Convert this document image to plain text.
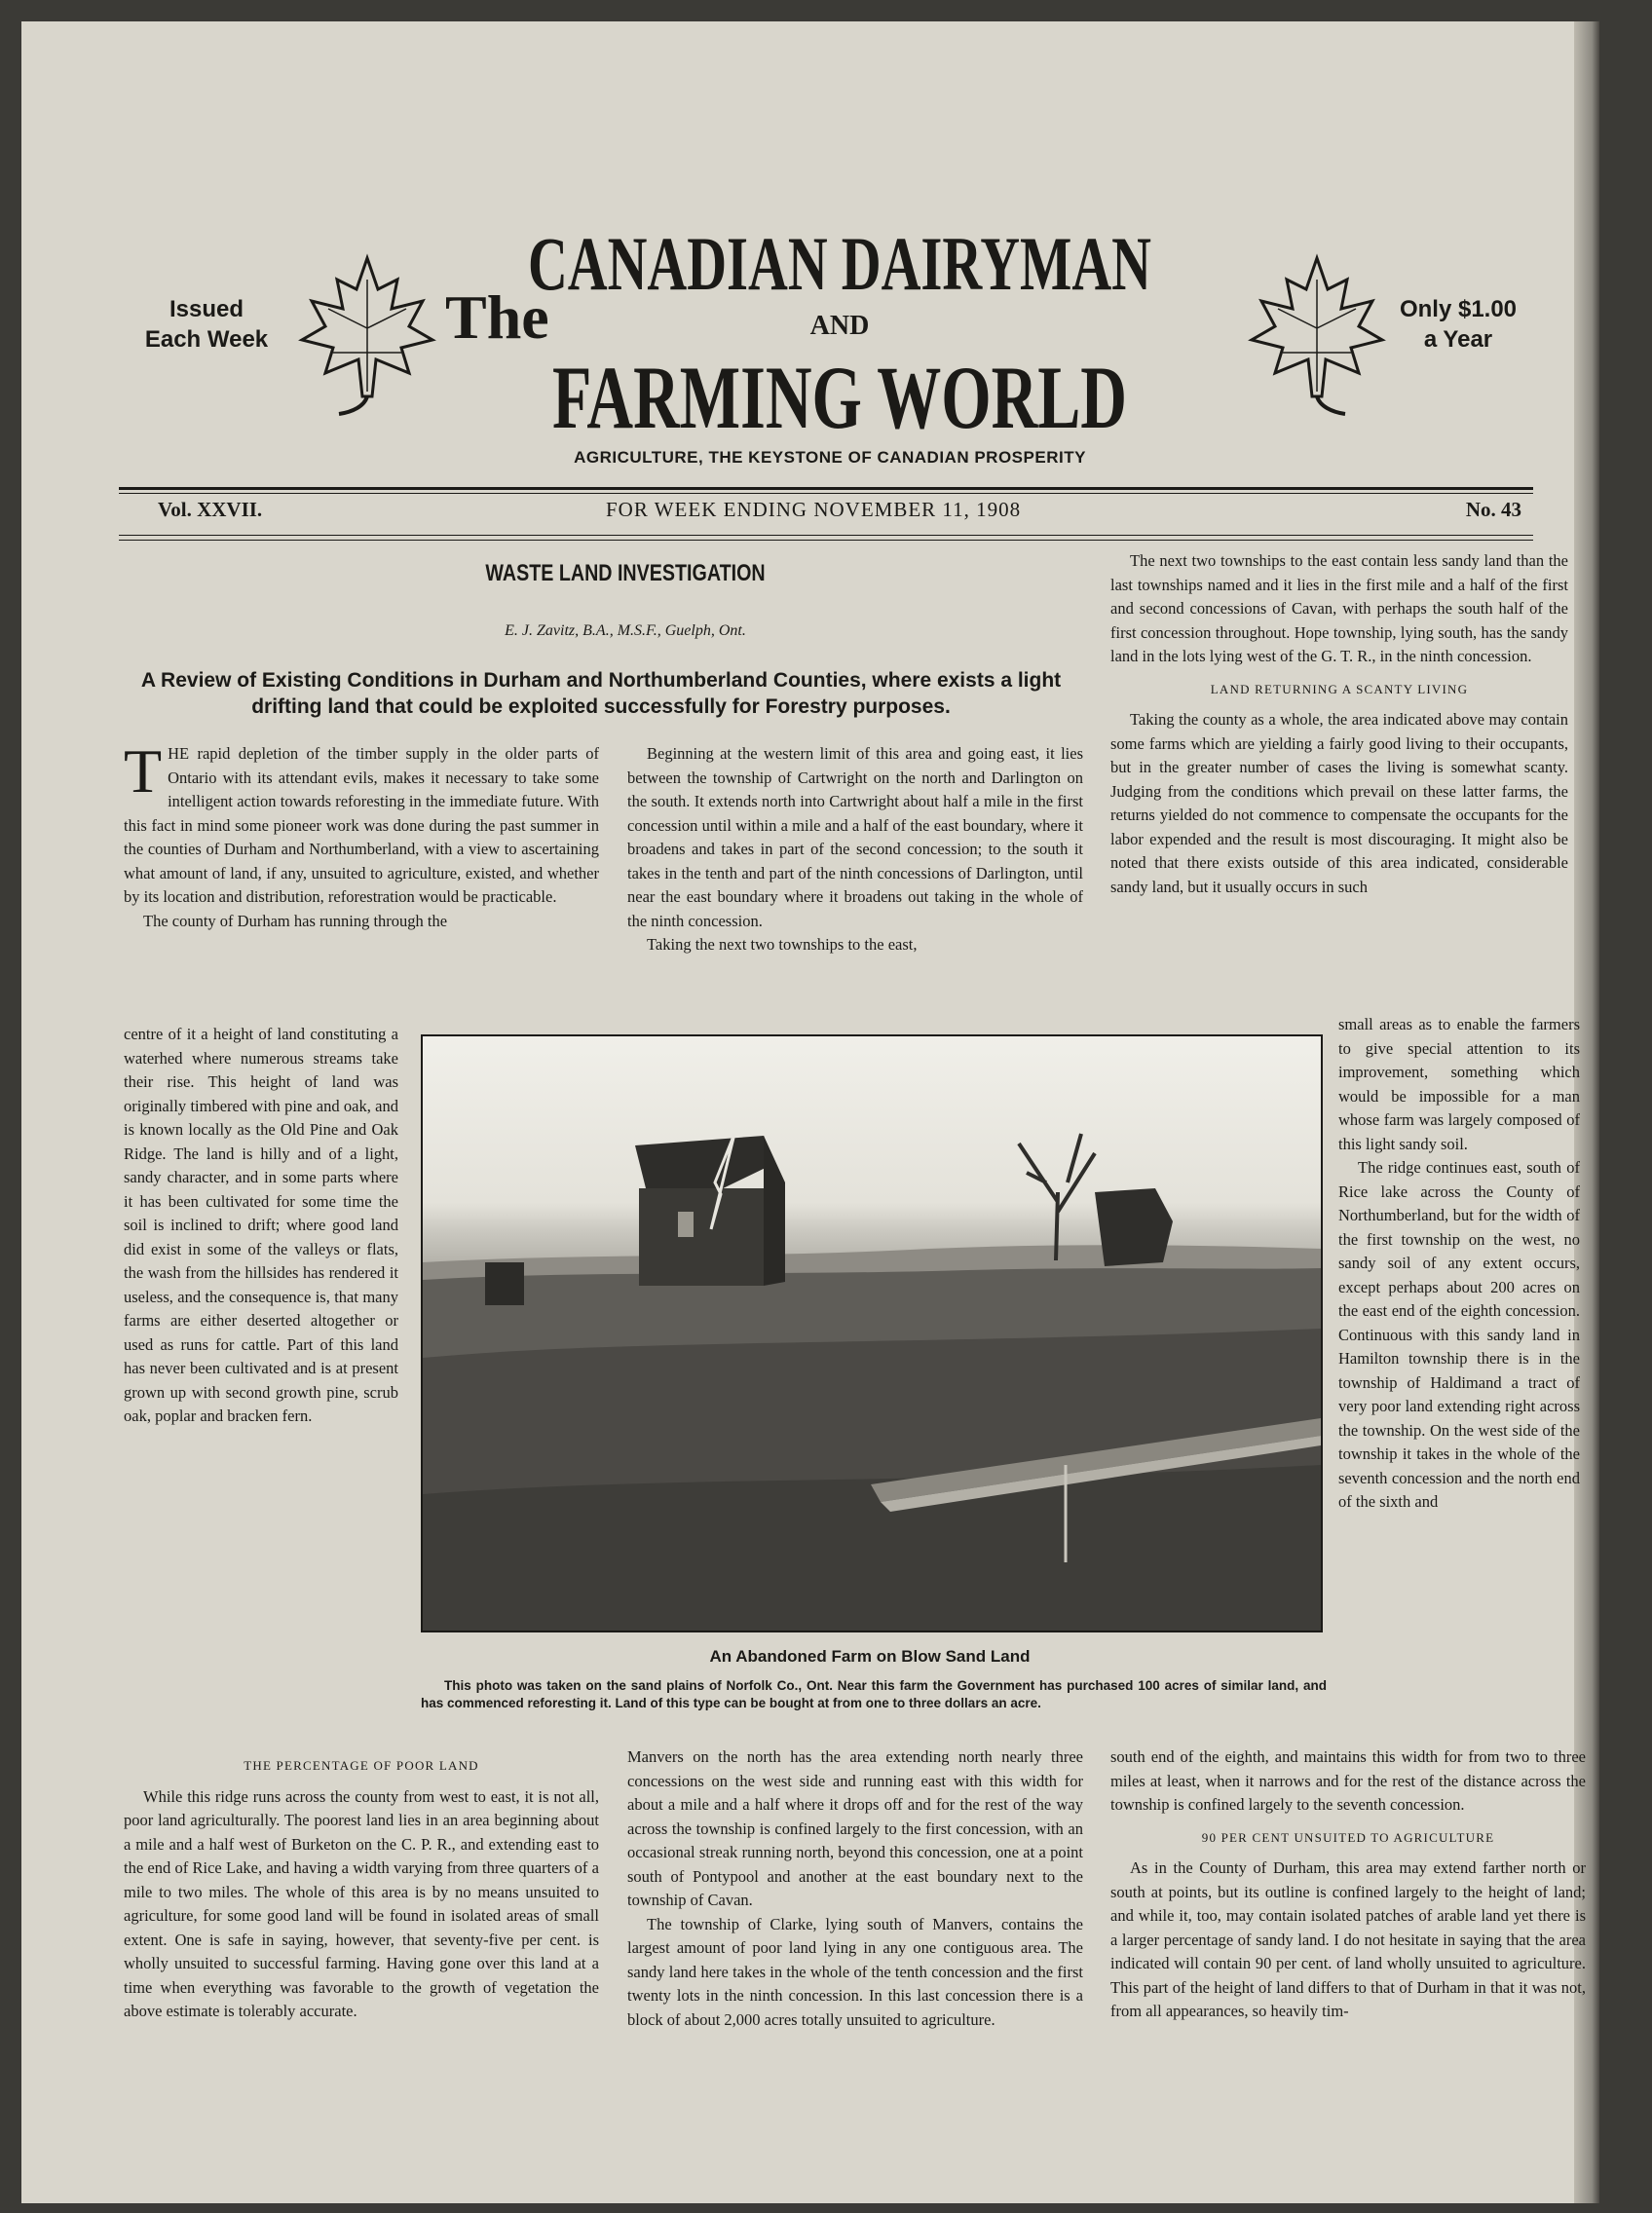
Issued
Each Week	The
CANADIAN DAIRYMAN
AND
FARMING WORLD
Only $1.00
a Year
AGRICULTURE, THE KEYSTONE OF CANADIAN PROSPERITY
Vol. XXVII.	FOR WEEK ENDING NOVEMBER 11, 1908	No. 43
WASTE LAND INVESTIGATION
E. J. Zavitz, B.A., M.S.F., Guelph, Ont.
A Review of Existing Conditions in Durham and Northumberland Counties, where exists a light drifting land that could be exploited successfully for Forestry purposes.

THE rapid depletion of the timber supply in the older parts of Ontario with its attendant evils, makes it necessary to take some intelligent action towards reforesting in the immediate future. With this fact in mind some pioneer work was done during the past summer in the counties of Durham and Northumberland, with a view to ascertaining what amount of land, if any, unsuited to agriculture, existed, and whether by its location and distribution, reforestration would be practicable.

The county of Durham has running through the

centre of it a height of land constituting a waterhed where numerous streams take their rise. This height of land was originally timbered with pine and oak, and is known locally as the Old Pine and Oak Ridge. The land is hilly and of a light, sandy character, and in some parts where it has been cultivated for some time the soil is inclined to drift; where good land did exist in some of the valleys or flats, the wash from the hillsides has rendered it useless, and the consequence is, that many farms are either deserted altogether or used as runs for cattle. Part of this land has never been cultivated and is at present grown up with second growth pine, scrub oak, poplar and bracken fern.

THE PERCENTAGE OF POOR LAND

While this ridge runs across the county from west to east, it is not all, poor land agriculturally. The poorest land lies in an area beginning about a mile and a half west of Burketon on the C. P. R., and extending east to the end of Rice Lake, and having a width varying from three quarters of a mile to two miles. The whole of this area is by no means unsuited to agriculture, for some good land will be found in isolated areas of small extent. One is safe in saying, however, that seventy-five per cent. is wholly unsuited to successful farming. Having gone over this land at a time when everything was favorable to the growth of vegetation the above estimate is tolerably accurate.

Beginning at the western limit of this area and going east, it lies between the township of Cartwright on the north and Darlington on the south. It extends north into Cartwright about half a mile in the first concession until within a mile and a half of the east boundary, where it broadens and takes in part of the second concession; to the south it takes in the tenth and part of the ninth concessions of Darlington, until near the east boundary where it broadens out taking in the whole of the ninth concession.

Taking the next two townships to the east,

Manvers on the north has the area extending north nearly three concessions on the west side and running east with this width for about a mile and a half where it drops off and for the rest of the way across the township is confined largely to the first concession, with an occasional streak running north, beyond this concession, one at a point south of Pontypool and another at the east boundary next to the township of Cavan.

The township of Clarke, lying south of Manvers, contains the largest amount of poor land lying in any one contiguous area. The sandy land here takes in the whole of the tenth concession and the first twenty lots in the ninth concession. In this last concession there is a block of about 2,000 acres totally unsuited to agriculture.

The next two townships to the east contain less sandy land than the last townships named and it lies in the first mile and a half of the first and second concessions of Cavan, with perhaps the south half of the first concession throughout. Hope township, lying south, has the sandy land in the lots lying west of the G. T. R., in the ninth concession.

LAND RETURNING A SCANTY LIVING

Taking the county as a whole, the area indicated above may contain some farms which are yielding a fairly good living to their occupants, but in the greater number of cases the living is somewhat scanty. Judging from the conditions which prevail on these latter farms, the returns yielded do not commence to compensate the occupants for the labor expended and the result is most discouraging. It might also be noted that there exists outside of this area indicated, considerable sandy land, but it usually occurs in such

small areas as to enable the farmers to give special attention to its improvement, something which would be impossible for a man whose farm was largely composed of this light sandy soil.

The ridge continues east, south of Rice lake across the County of Northumberland, but for the width of the first township on the west, no sandy soil of any extent occurs, except perhaps about 200 acres on the east end of the eighth concession. Continuous with this sandy land in Hamilton township there is in the township of Haldimand a tract of very poor land extending right across the township. On the west side of the township it takes in the whole of the seventh concession and the north end of the sixth and

south end of the eighth, and maintains this width for from two to three miles at least, when it narrows and for the rest of the distance across the township is confined largely to the seventh concession.

90 PER CENT UNSUITED TO AGRICULTURE

As in the County of Durham, this area may extend farther north or south at points, but its outline is confined largely to the height of land; and while it, too, may contain isolated patches of arable land yet there is a larger percentage of sandy land. I do not hesitate in saying that the area indicated will contain 90 per cent. of land wholly unsuited to agriculture. This part of the height of land differs to that of Durham in that it was not, from all appearances, so heavily tim-

An Abandoned Farm on Blow Sand Land
This photo was taken on the sand plains of Norfolk Co., Ont. Near this farm the Government has purchased 100 acres of similar land, and has commenced reforesting it. Land of this type can be bought at from one to three dollars an acre.
